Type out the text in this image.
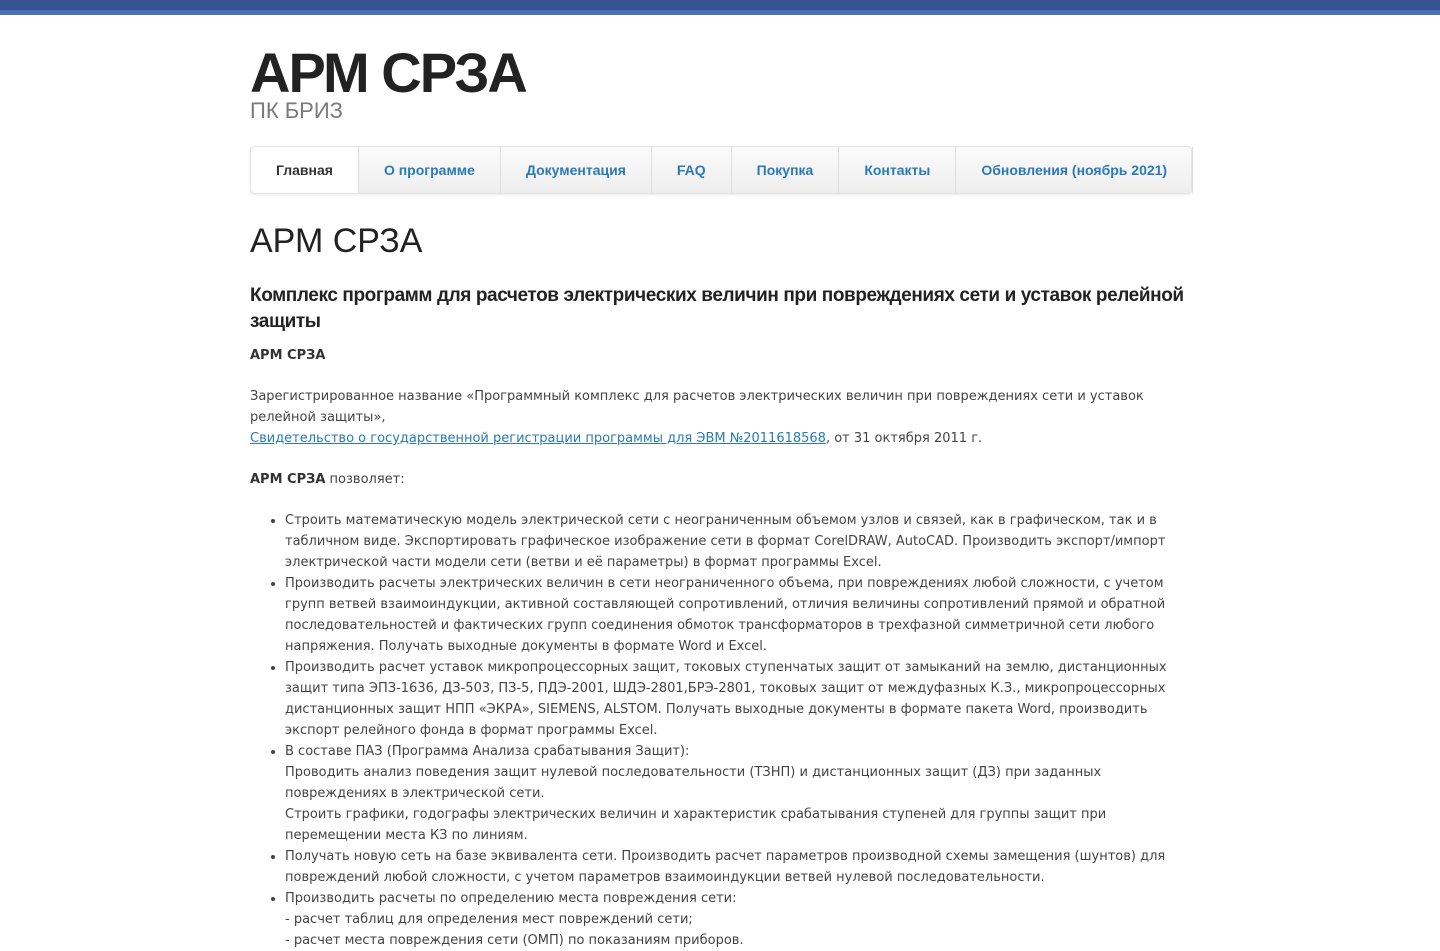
АРМ СРЗА
ПК БРИЗ
Главная	О программе	Документация	FAQ	Покупка	Контакты	Обновления (ноябрь 2021)
АРМ СРЗА
Комплекс программ для расчетов электрических величин при повреждениях сети и уставок релейной защиты

АРМ СРЗА

Зарегистрированное название «Программный комплекс для расчетов электрических величин при повреждениях сети и уставок релейной защиты»,
Свидетельство о государственной регистрации программы для ЭВМ №2011618568, от 31 октября 2011 г.

АРМ СРЗА позволяет:

• Строить математическую модель электрической сети с неограниченным объемом узлов и связей, как в графическом, так и в табличном виде. Экспортировать графическое изображение сети в формат CorelDRAW, AutoCAD. Производить экспорт/импорт электрической части модели сети (ветви и её параметры) в формат программы Excel.
• Производить расчеты электрических величин в сети неограниченного объема, при повреждениях любой сложности, с учетом групп ветвей взаимоиндукции, активной составляющей сопротивлений, отличия величины сопротивлений прямой и обратной последовательностей и фактических групп соединения обмоток трансформаторов в трехфазной симметричной сети любого напряжения. Получать выходные документы в формате Word и Excel.
• Производить расчет уставок микропроцессорных защит, токовых ступенчатых защит от замыканий на землю, дистанционных защит типа ЭПЗ-1636, ДЗ-503, ПЗ-5, ПДЭ-2001, ШДЭ-2801,БРЭ-2801, токовых защит от междуфазных К.З., микропроцессорных дистанционных защит НПП «ЭКРА», SIEMENS, ALSTOM. Получать выходные документы в формате пакета Word, производить экспорт релейного фонда в формат программы Excel.
• В составе ПАЗ (Программа Анализа срабатывания Защит):
Проводить анализ поведения защит нулевой последовательности (ТЗНП) и дистанционных защит (ДЗ) при заданных повреждениях в электрической сети.
Строить графики, годографы электрических величин и характеристик срабатывания ступеней для группы защит при перемещении места КЗ по линиям.
• Получать новую сеть на базе эквивалента сети. Производить расчет параметров производной схемы замещения (шунтов) для повреждений любой сложности, с учетом параметров взаимоиндукции ветвей нулевой последовательности.
• Производить расчеты по определению места повреждения сети:
- расчет таблиц для определения мест повреждений сети;
- расчет места повреждения сети (ОМП) по показаниям приборов.
